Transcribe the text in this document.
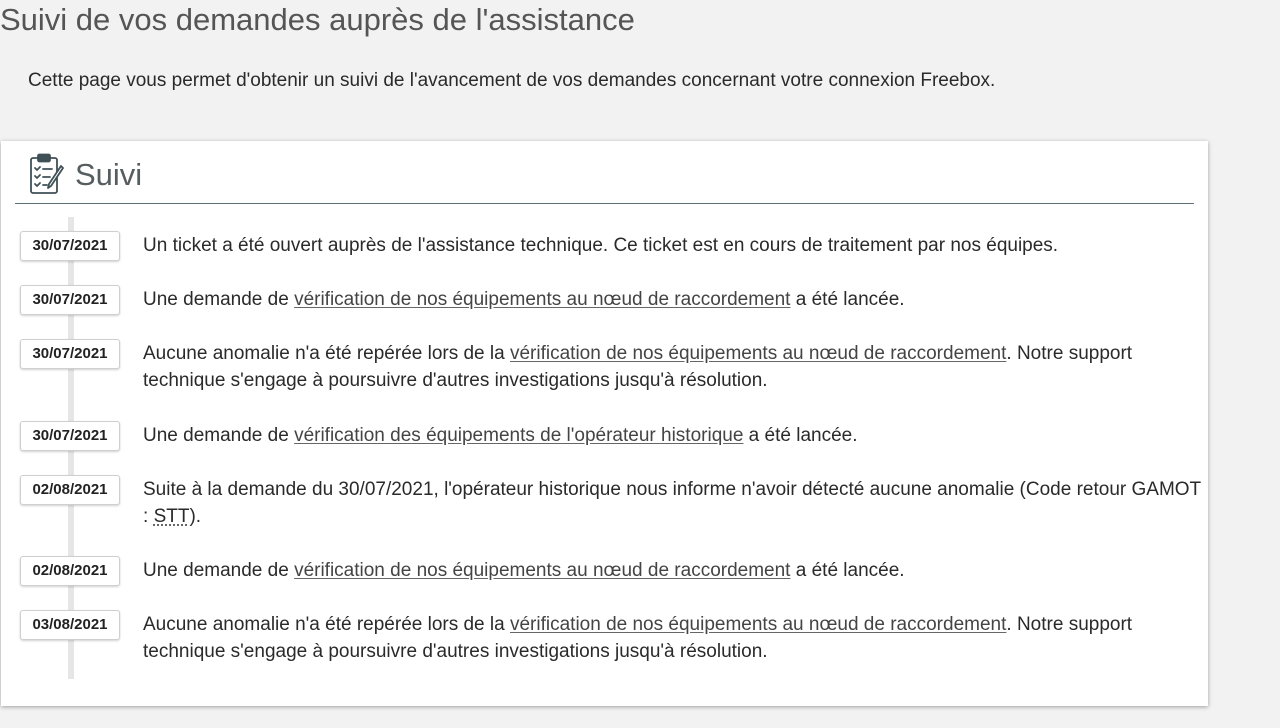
Suivi de vos demandes auprès de l'assistance

Cette page vous permet d'obtenir un suivi de l'avancement de vos demandes concernant votre connexion Freebox.

Suivi
30/07/2021	Un ticket a été ouvert auprès de l'assistance technique. Ce ticket est en cours de traitement par nos équipes.
30/07/2021	Une demande de vérification de nos équipements au nœud de raccordement a été lancée.
30/07/2021	Aucune anomalie n'a été repérée lors de la vérification de nos équipements au nœud de raccordement. Notre support technique s'engage à poursuivre d'autres investigations jusqu'à résolution.
30/07/2021	Une demande de vérification des équipements de l'opérateur historique a été lancée.
02/08/2021	Suite à la demande du 30/07/2021, l'opérateur historique nous informe n'avoir détecté aucune anomalie (Code retour GAMOT : STT).
02/08/2021	Une demande de vérification de nos équipements au nœud de raccordement a été lancée.
03/08/2021	Aucune anomalie n'a été repérée lors de la vérification de nos équipements au nœud de raccordement. Notre support technique s'engage à poursuivre d'autres investigations jusqu'à résolution.
